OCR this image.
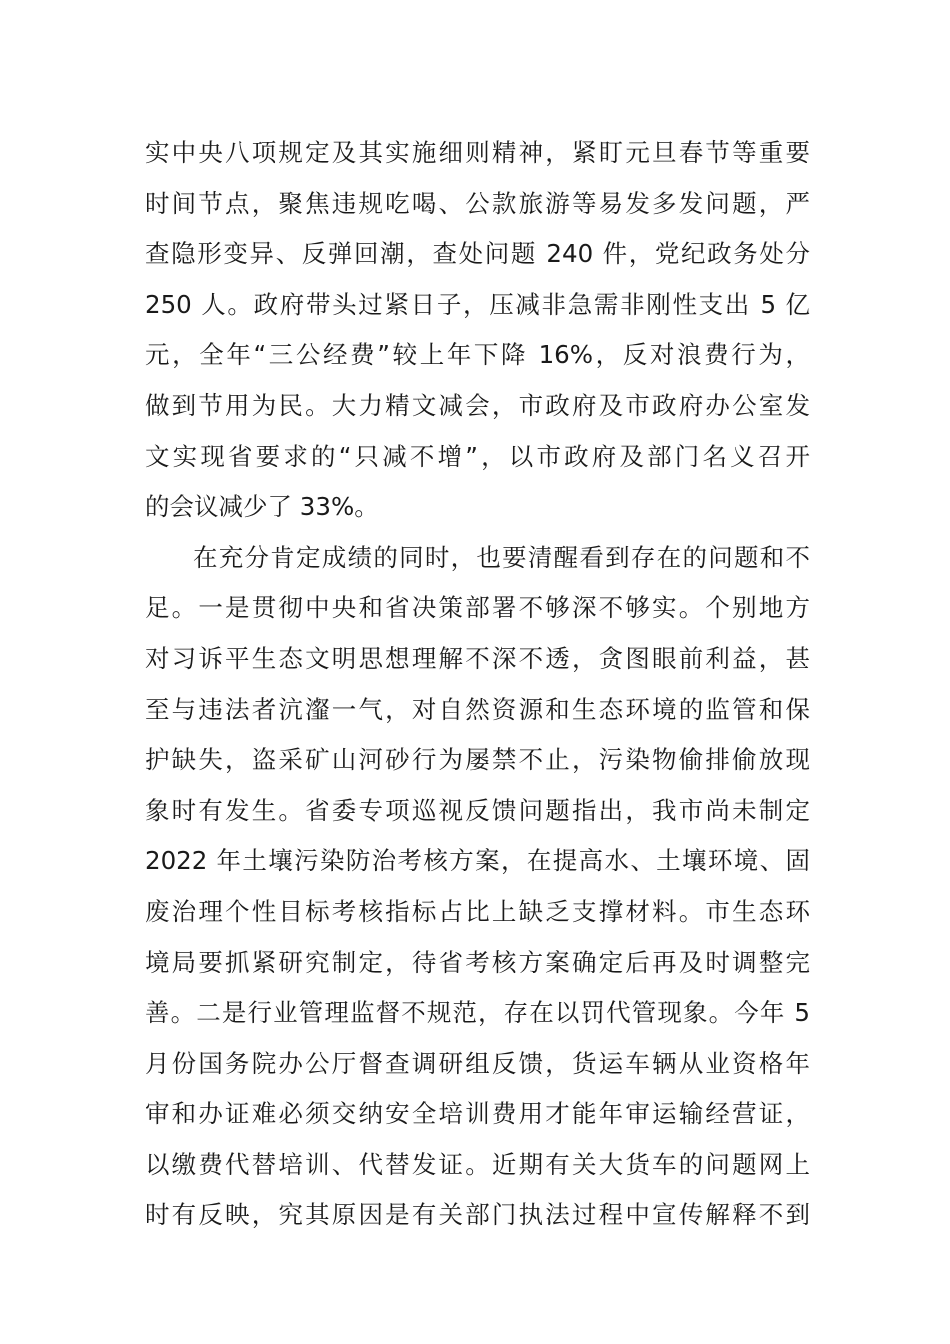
实中央八项规定及其实施细则精神，紧盯元旦春节等重要
时间节点，聚焦违规吃喝、公款旅游等易发多发问题，严
查隐形变异、反弹回潮，查处问题 240 件，党纪政务处分
250 人。政府带头过紧日子，压减非急需非刚性支出 5 亿
元，全年“三公经费”较上年下降 16%，反对浪费行为，
做到节用为民。大力精文减会，市政府及市政府办公室发
文实现省要求的“只减不增”，以市政府及部门名义召开
的会议减少了 33%。
在充分肯定成绩的同时，也要清醒看到存在的问题和不
足。一是贯彻中央和省决策部署不够深不够实。个别地方
对习诉平生态文明思想理解不深不透，贪图眼前利益，甚
至与违法者沆瀣一气，对自然资源和生态环境的监管和保
护缺失，盗采矿山河砂行为屡禁不止，污染物偷排偷放现
象时有发生。省委专项巡视反馈问题指出，我市尚未制定
2022 年土壤污染防治考核方案，在提高水、土壤环境、固
废治理个性目标考核指标占比上缺乏支撑材料。市生态环
境局要抓紧研究制定，待省考核方案确定后再及时调整完
善。二是行业管理监督不规范，存在以罚代管现象。今年 5
月份国务院办公厅督查调研组反馈，货运车辆从业资格年
审和办证难必须交纳安全培训费用才能年审运输经营证，
以缴费代替培训、代替发证。近期有关大货车的问题网上
时有反映，究其原因是有关部门执法过程中宣传解释不到
